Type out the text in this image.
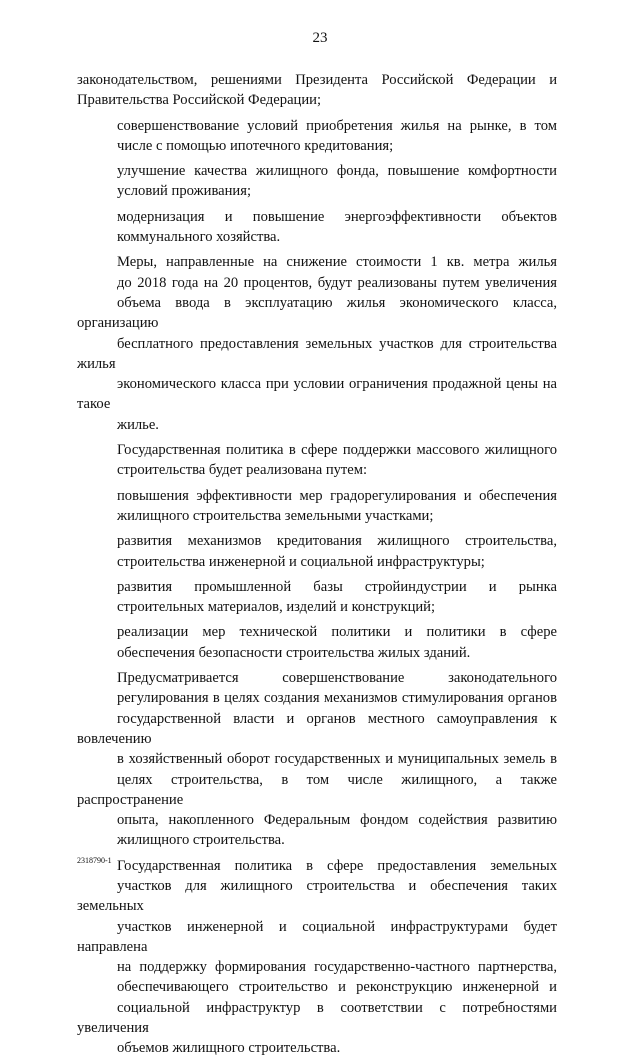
23

законодательством, решениями Президента Российской Федерации и
Правительства Российской Федерации;

совершенствование условий приобретения жилья на рынке, в том
числе с помощью ипотечного кредитования;

улучшение качества жилищного фонда, повышение комфортности
условий проживания;

модернизация и повышение энергоэффективности объектов
коммунального хозяйства.

Меры, направленные на снижение стоимости 1 кв. метра жилья
до 2018 года на 20 процентов, будут реализованы путем увеличения
объема ввода в эксплуатацию жилья экономического класса, организацию
бесплатного предоставления земельных участков для строительства жилья
экономического класса при условии ограничения продажной цены на такое
жилье.

Государственная политика в сфере поддержки массового жилищного
строительства будет реализована путем:

повышения эффективности мер градорегулирования и обеспечения
жилищного строительства земельными участками;

развития механизмов кредитования жилищного строительства,
строительства инженерной и социальной инфраструктуры;

развития промышленной базы стройиндустрии и рынка
строительных материалов, изделий и конструкций;

реализации мер технической политики и политики в сфере
обеспечения безопасности строительства жилых зданий.

Предусматривается совершенствование законодательного
регулирования в целях создания механизмов стимулирования органов
государственной власти и органов местного самоуправления к вовлечению
в хозяйственный оборот государственных и муниципальных земель в
целях строительства, в том числе жилищного, а также распространение
опыта, накопленного Федеральным фондом содействия развитию
жилищного строительства.

Государственная политика в сфере предоставления земельных
участков для жилищного строительства и обеспечения таких земельных
участков инженерной и социальной инфраструктурами будет направлена
на поддержку формирования государственно-частного партнерства,
обеспечивающего строительство и реконструкцию инженерной и
социальной инфраструктур в соответствии с потребностями увеличения
объемов жилищного строительства.

2318790-1
